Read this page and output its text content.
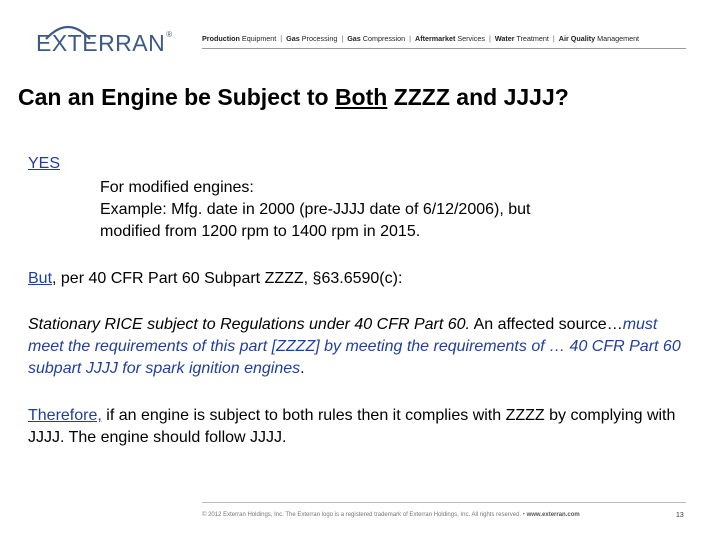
EXTERRAN®	Production Equipment | Gas Processing | Gas Compression | Aftermarket Services | Water Treatment | Air Quality Management
Can an Engine be Subject to Both ZZZZ and JJJJ?
YES
For modified engines:
Example: Mfg. date in 2000 (pre-JJJJ date of 6/12/2006), but
modified from 1200 rpm to 1400 rpm in 2015.
But, per 40 CFR Part 60 Subpart ZZZZ, §63.6590(c):
Stationary RICE subject to Regulations under 40 CFR Part 60. An affected source…must meet the requirements of this part [ZZZZ] by meeting the requirements of … 40 CFR Part 60 subpart JJJJ for spark ignition engines.
Therefore, if an engine is subject to both rules then it complies with ZZZZ by complying with JJJJ. The engine should follow JJJJ.
© 2012 Exterran Holdings, Inc. The Exterran logo is a registered trademark of Exterran Holdings, Inc. All rights reserved. • www.exterran.com	13
